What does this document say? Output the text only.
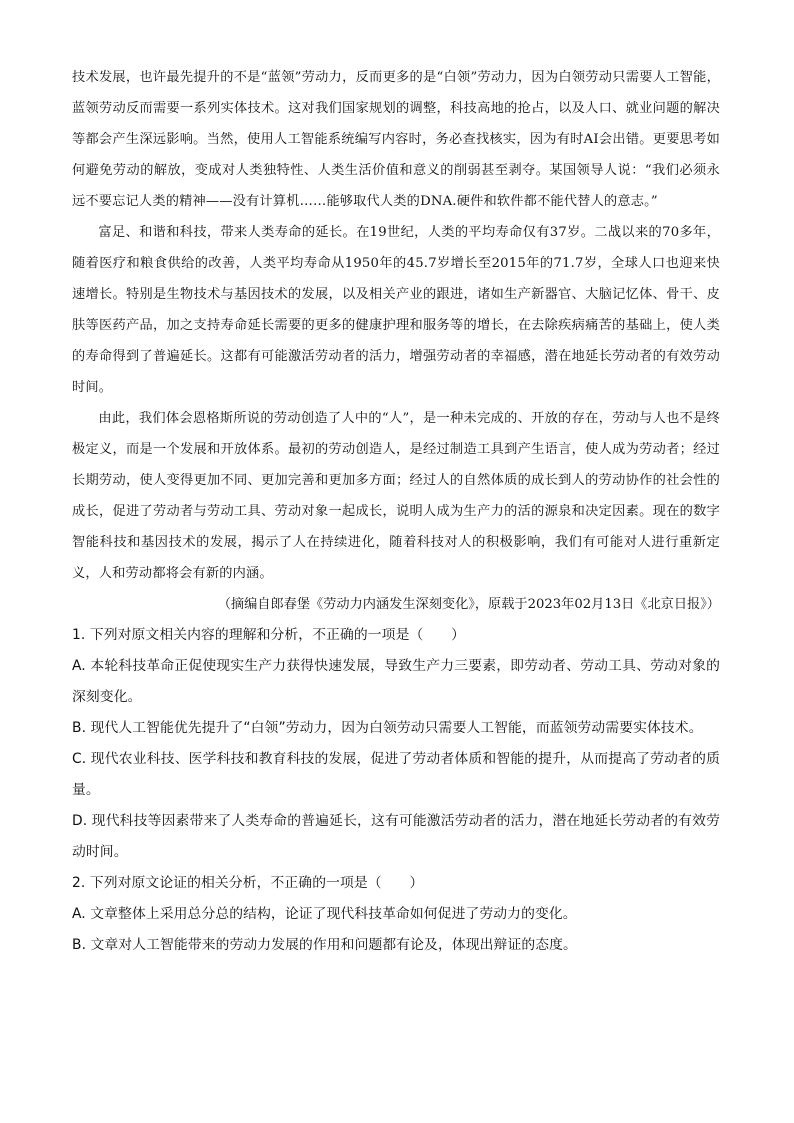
技术发展，也许最先提升的不是“蓝领”劳动力，反而更多的是“白领”劳动力，因为白领劳动只需要人工智能，蓝领劳动反而需要一系列实体技术。这对我们国家规划的调整，科技高地的抢占，以及人口、就业问题的解决等都会产生深远影响。当然，使用人工智能系统编写内容时，务必查找核实，因为有时AI会出错。更要思考如何避免劳动的解放，变成对人类独特性、人类生活价值和意义的削弱甚至剥夺。某国领导人说：“我们必须永远不要忘记人类的精神——没有计算机……能够取代人类的DNA.硬件和软件都不能代替人的意志。”

富足、和谐和科技，带来人类寿命的延长。在19世纪，人类的平均寿命仅有37岁。二战以来的70多年，随着医疗和粮食供给的改善，人类平均寿命从1950年的45.7岁增长至2015年的71.7岁，全球人口也迎来快速增长。特别是生物技术与基因技术的发展，以及相关产业的跟进，诸如生产新器官、大脑记忆体、骨干、皮肤等医药产品，加之支持寿命延长需要的更多的健康护理和服务等的增长，在去除疾病痛苦的基础上，使人类的寿命得到了普遍延长。这都有可能激活劳动者的活力，增强劳动者的幸福感，潜在地延长劳动者的有效劳动时间。

由此，我们体会恩格斯所说的劳动创造了人中的“人”，是一种未完成的、开放的存在，劳动与人也不是终极定义，而是一个发展和开放体系。最初的劳动创造人，是经过制造工具到产生语言，使人成为劳动者；经过长期劳动，使人变得更加不同、更加完善和更加多方面；经过人的自然体质的成长到人的劳动协作的社会性的成长，促进了劳动者与劳动工具、劳动对象一起成长，说明人成为生产力的活的源泉和决定因素。现在的数字智能科技和基因技术的发展，揭示了人在持续进化，随着科技对人的积极影响，我们有可能对人进行重新定义，人和劳动都将会有新的内涵。

（摘编自郎春堡《劳动力内涵发生深刻变化》，原载于2023年02月13日《北京日报》）

1. 下列对原文相关内容的理解和分析，不正确的一项是（　　）

A. 本轮科技革命正促使现实生产力获得快速发展，导致生产力三要素，即劳动者、劳动工具、劳动对象的深刻变化。

B. 现代人工智能优先提升了“白领”劳动力，因为白领劳动只需要人工智能，而蓝领劳动需要实体技术。

C. 现代农业科技、医学科技和教育科技的发展，促进了劳动者体质和智能的提升，从而提高了劳动者的质量。

D. 现代科技等因素带来了人类寿命的普遍延长，这有可能激活劳动者的活力，潜在地延长劳动者的有效劳动时间。

2. 下列对原文论证的相关分析，不正确的一项是（　　）

A. 文章整体上采用总分总的结构，论证了现代科技革命如何促进了劳动力的变化。

B. 文章对人工智能带来的劳动力发展的作用和问题都有论及，体现出辩证的态度。
